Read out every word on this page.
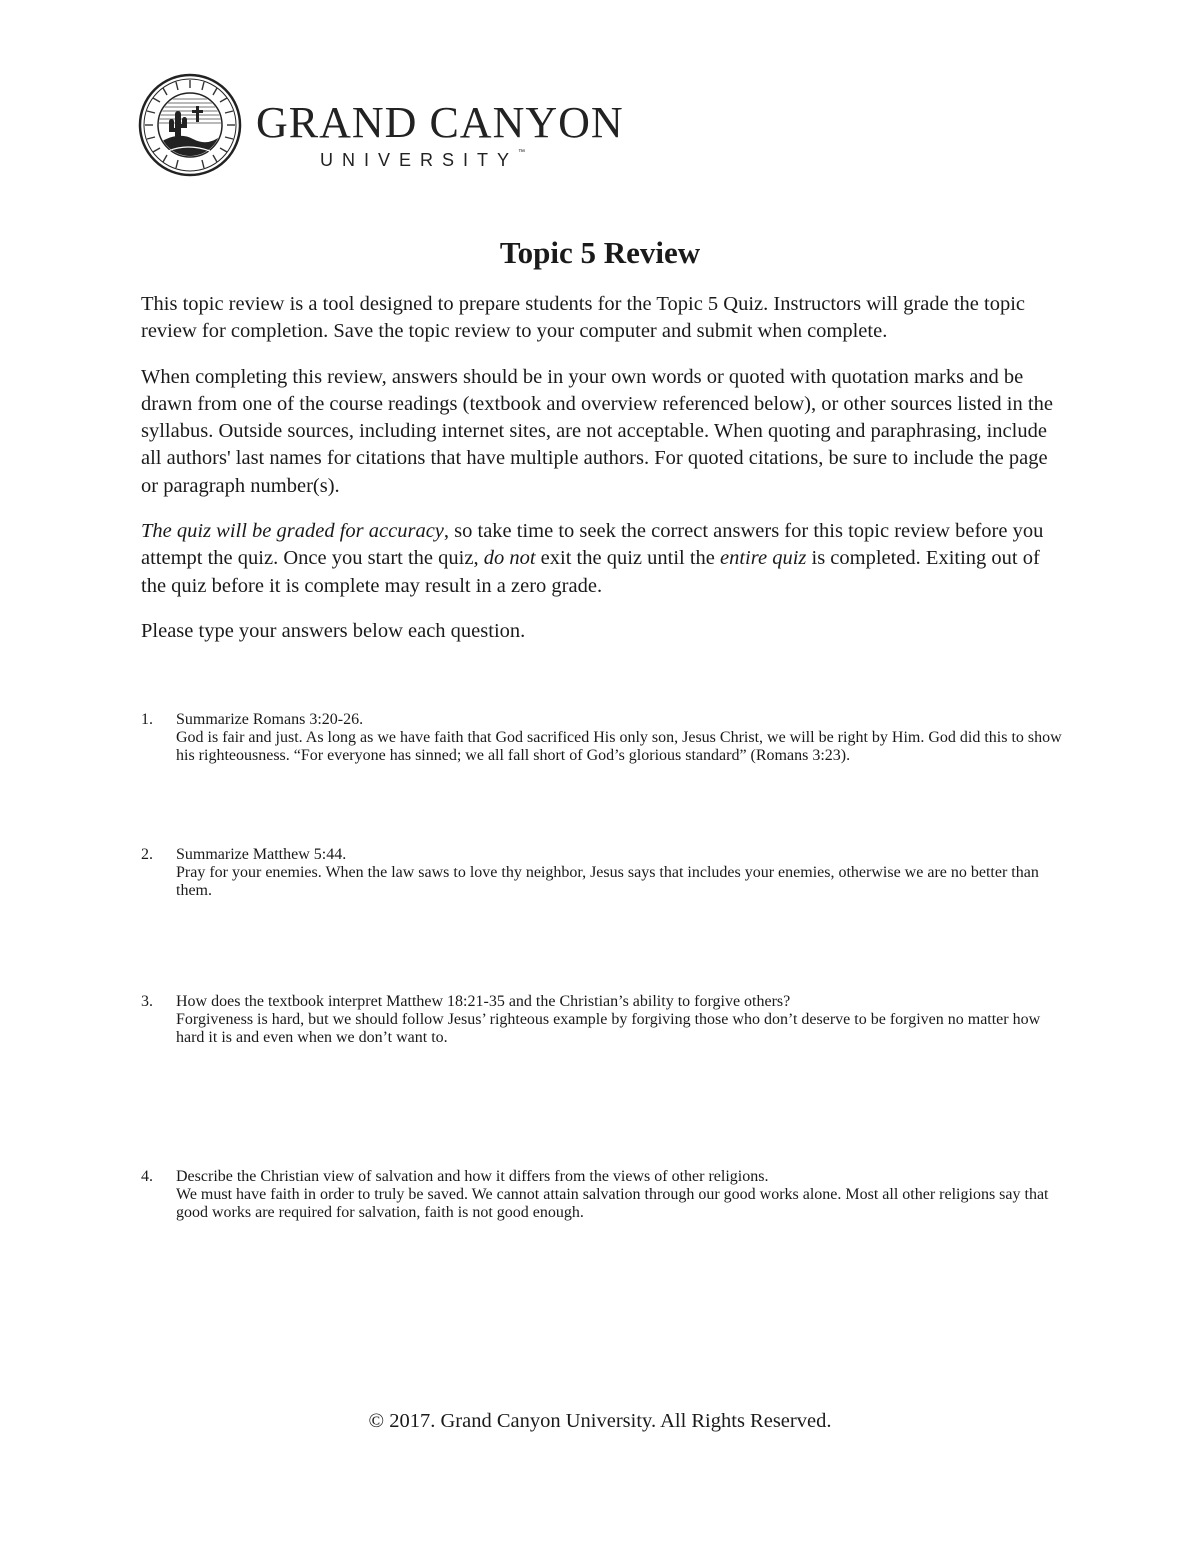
GRAND CANYON
UNIVERSITY™
Topic 5 Review

This topic review is a tool designed to prepare students for the Topic 5 Quiz. Instructors will grade the topic review for completion. Save the topic review to your computer and submit when complete.

When completing this review, answers should be in your own words or quoted with quotation marks and be drawn from one of the course readings (textbook and overview referenced below), or other sources listed in the syllabus. Outside sources, including internet sites, are not acceptable. When quoting and paraphrasing, include all authors' last names for citations that have multiple authors. For quoted citations, be sure to include the page or paragraph number(s).

The quiz will be graded for accuracy, so take time to seek the correct answers for this topic review before you attempt the quiz. Once you start the quiz, do not exit the quiz until the entire quiz is completed. Exiting out of the quiz before it is complete may result in a zero grade.

Please type your answers below each question.

1. Summarize Romans 3:20-26.
God is fair and just. As long as we have faith that God sacrificed His only son, Jesus Christ, we will be right by Him. God did this to show his righteousness. “For everyone has sinned; we all fall short of God’s glorious standard” (Romans 3:23).
2. Summarize Matthew 5:44.
Pray for your enemies. When the law saws to love thy neighbor, Jesus says that includes your enemies, otherwise we are no better than them.
3. How does the textbook interpret Matthew 18:21-35 and the Christian’s ability to forgive others?
Forgiveness is hard, but we should follow Jesus’ righteous example by forgiving those who don’t deserve to be forgiven no matter how hard it is and even when we don’t want to.
4. Describe the Christian view of salvation and how it differs from the views of other religions.
We must have faith in order to truly be saved. We cannot attain salvation through our good works alone. Most all other religions say that good works are required for salvation, faith is not good enough.
© 2017. Grand Canyon University. All Rights Reserved.
